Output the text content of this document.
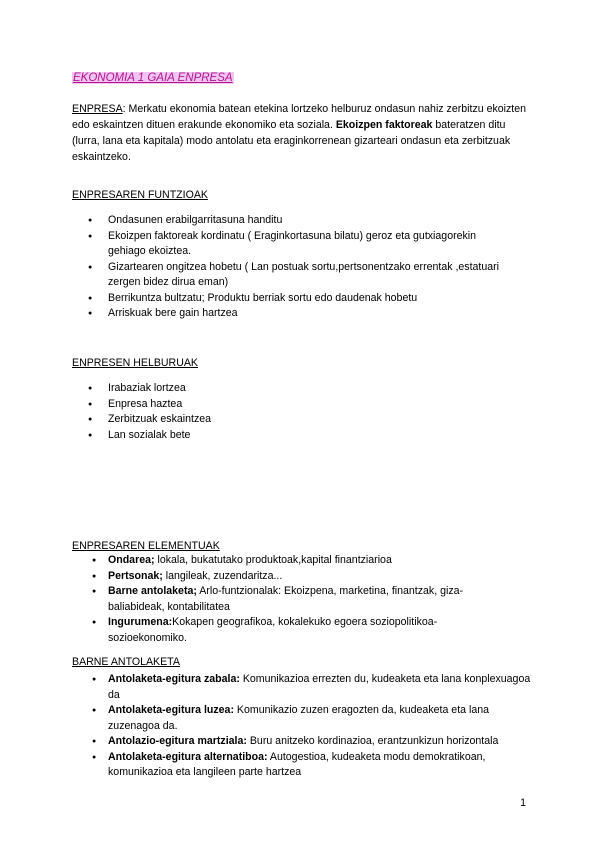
EKONOMIA 1 GAIA ENPRESA
ENPRESA: Merkatu ekonomia batean etekina lortzeko helburuz ondasun nahiz zerbitzu ekoizten edo eskaintzen dituen erakunde ekonomiko eta soziala. Ekoizpen faktoreak bateratzen ditu (lurra, lana eta kapitala) modo antolatu eta eraginkorrenean gizarteari ondasun eta zerbitzuak eskaintzeko.
ENPRESAREN FUNTZIOAK
● Ondasunen erabilgarritasuna handitu
● Ekoizpen faktoreak kordinatu ( Eraginkortasuna bilatu) geroz eta gutxiagorekin gehiago ekoiztea.
● Gizartearen ongitzea hobetu ( Lan postuak sortu,pertsonentzako errentak ,estatuari zergen bidez dirua eman)
● Berrikuntza bultzatu; Produktu berriak sortu edo daudenak hobetu
● Arriskuak bere gain hartzea
ENPRESEN HELBURUAK
● Irabaziak lortzea
● Enpresa haztea
● Zerbitzuak eskaintzea
● Lan sozialak bete
ENPRESAREN ELEMENTUAK
● Ondarea; lokala, bukatutako produktoak,kapital finantziarioa
● Pertsonak; langileak, zuzendaritza...
● Barne antolaketa; Arlo-funtzionalak: Ekoizpena, marketina, finantzak, giza-baliabideak, kontabilitatea
● Ingurumena:Kokapen geografikoa, kokalekuko egoera soziopolitikoa-sozioekonomiko.
BARNE ANTOLAKETA
● Antolaketa-egitura zabala: Komunikazioa errezten du, kudeaketa eta lana konplexuagoa da
● Antolaketa-egitura luzea: Komunikazio zuzen eragozten da, kudeaketa eta lana zuzenagoa da.
● Antolazio-egitura martziala: Buru anitzeko kordinazioa, erantzunkizun horizontala
● Antolaketa-egitura alternatiboa: Autogestioa, kudeaketa modu demokratikoan, komunikazioa eta langileen parte hartzea
1
